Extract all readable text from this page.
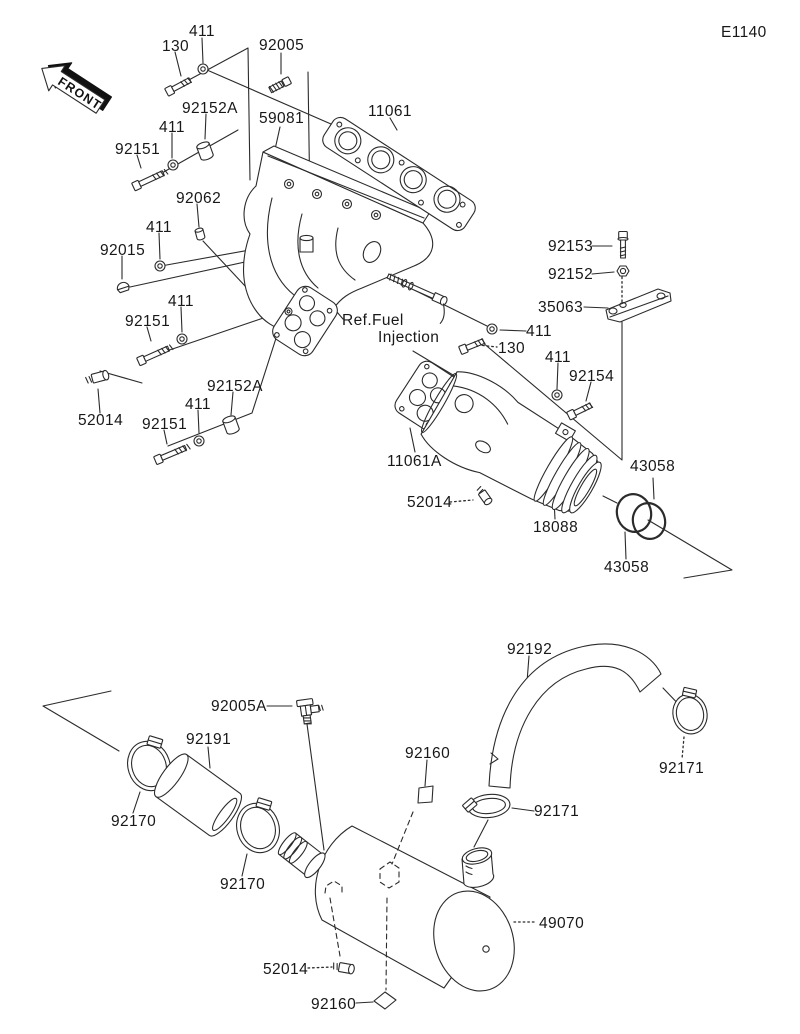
FRONT
130
411
92005
92152A
59081	11061
92151
411
92062
92015
411
92153
92152
35063
411
130
92151
411
52014
92152A
411
92151
411
92154
11061A
52014
18088
43058
43058
92192
92005A
92191
92160
92171
92170
92171
92170
49070
52014
92160
E1140
Ref.Fuel
Injection
